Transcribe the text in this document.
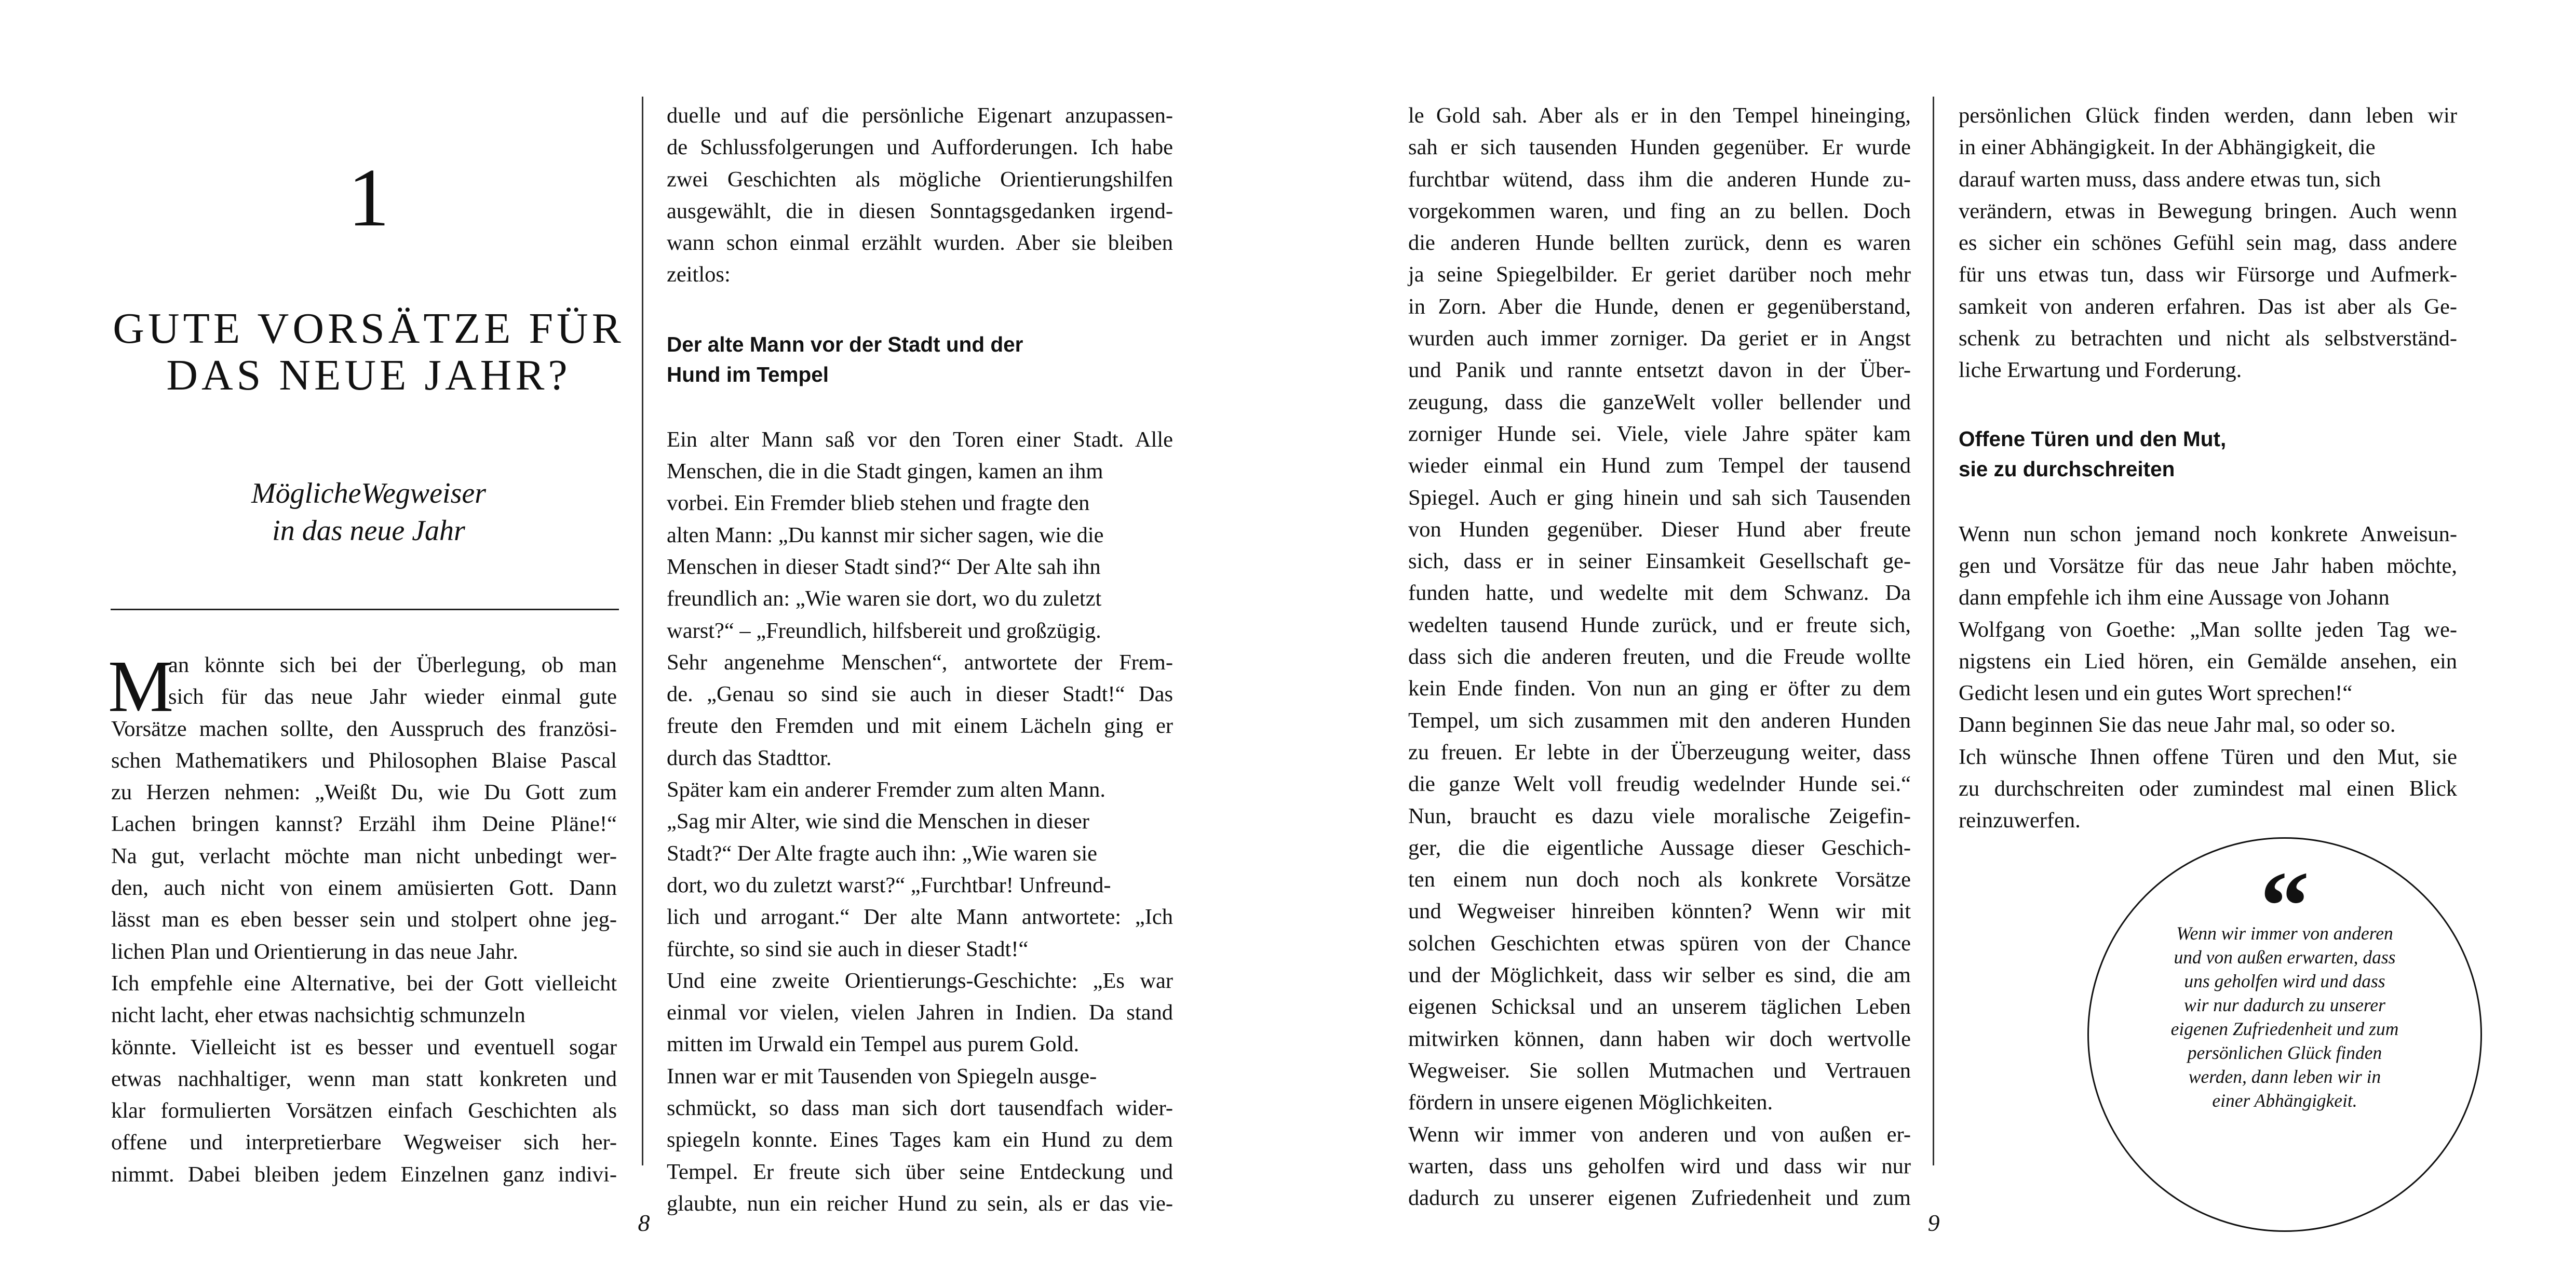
1
GUTE VORSÄTZE FÜR
DAS NEUE JAHR?
MöglicheWegweiser
in das neue Jahr
M
an könnte sich bei der Überlegung, ob man
sich für das neue Jahr wieder einmal gute
Vorsätze machen sollte, den Ausspruch des französi-
schen Mathematikers und Philosophen Blaise Pascal
zu Herzen nehmen: „Weißt Du, wie Du Gott zum
Lachen bringen kannst? Erzähl ihm Deine Pläne!“
Na gut, verlacht möchte man nicht unbedingt wer-
den, auch nicht von einem amüsierten Gott. Dann
lässt man es eben besser sein und stolpert ohne jeg-
lichen Plan und Orientierung in das neue Jahr.
Ich empfehle eine Alternative, bei der Gott vielleicht
nicht lacht, eher etwas nachsichtig schmunzeln
könnte. Vielleicht ist es besser und eventuell sogar
etwas nachhaltiger, wenn man statt konkreten und
klar formulierten Vorsätzen einfach Geschichten als
offene und interpretierbare Wegweiser sich her-
nimmt. Dabei bleiben jedem Einzelnen ganz indivi-
duelle und auf die persönliche Eigenart anzupassen-
de Schlussfolgerungen und Aufforderungen. Ich habe
zwei Geschichten als mögliche Orientierungshilfen
ausgewählt, die in diesen Sonntagsgedanken irgend-
wann schon einmal erzählt wurden. Aber sie bleiben
zeitlos:
Der alte Mann vor der Stadt und der
Hund im Tempel
Ein alter Mann saß vor den Toren einer Stadt. Alle
Menschen, die in die Stadt gingen, kamen an ihm
vorbei. Ein Fremder blieb stehen und fragte den
alten Mann: „Du kannst mir sicher sagen, wie die
Menschen in dieser Stadt sind?“ Der Alte sah ihn
freundlich an: „Wie waren sie dort, wo du zuletzt
warst?“ – „Freundlich, hilfsbereit und großzügig.
Sehr angenehme Menschen“, antwortete der Frem-
de. „Genau so sind sie auch in dieser Stadt!“ Das
freute den Fremden und mit einem Lächeln ging er
durch das Stadttor.
Später kam ein anderer Fremder zum alten Mann.
„Sag mir Alter, wie sind die Menschen in dieser
Stadt?“ Der Alte fragte auch ihn: „Wie waren sie
dort, wo du zuletzt warst?“ „Furchtbar! Unfreund-
lich und arrogant.“ Der alte Mann antwortete: „Ich
fürchte, so sind sie auch in dieser Stadt!“
Und eine zweite Orientierungs-Geschichte: „Es war
einmal vor vielen, vielen Jahren in Indien. Da stand
mitten im Urwald ein Tempel aus purem Gold.
Innen war er mit Tausenden von Spiegeln ausge-
schmückt, so dass man sich dort tausendfach wider-
spiegeln konnte. Eines Tages kam ein Hund zu dem
Tempel. Er freute sich über seine Entdeckung und
glaubte, nun ein reicher Hund zu sein, als er das vie-
8
le Gold sah. Aber als er in den Tempel hineinging,
sah er sich tausenden Hunden gegenüber. Er wurde
furchtbar wütend, dass ihm die anderen Hunde zu-
vorgekommen waren, und fing an zu bellen. Doch
die anderen Hunde bellten zurück, denn es waren
ja seine Spiegelbilder. Er geriet darüber noch mehr
in Zorn. Aber die Hunde, denen er gegenüberstand,
wurden auch immer zorniger. Da geriet er in Angst
und Panik und rannte entsetzt davon in der Über-
zeugung, dass die ganzeWelt voller bellender und
zorniger Hunde sei. Viele, viele Jahre später kam
wieder einmal ein Hund zum Tempel der tausend
Spiegel. Auch er ging hinein und sah sich Tausenden
von Hunden gegenüber. Dieser Hund aber freute
sich, dass er in seiner Einsamkeit Gesellschaft ge-
funden hatte, und wedelte mit dem Schwanz. Da
wedelten tausend Hunde zurück, und er freute sich,
dass sich die anderen freuten, und die Freude wollte
kein Ende finden. Von nun an ging er öfter zu dem
Tempel, um sich zusammen mit den anderen Hunden
zu freuen. Er lebte in der Überzeugung weiter, dass
die ganze Welt voll freudig wedelnder Hunde sei.“
Nun, braucht es dazu viele moralische Zeigefin-
ger, die die eigentliche Aussage dieser Geschich-
ten einem nun doch noch als konkrete Vorsätze
und Wegweiser hinreiben könnten? Wenn wir mit
solchen Geschichten etwas spüren von der Chance
und der Möglichkeit, dass wir selber es sind, die am
eigenen Schicksal und an unserem täglichen Leben
mitwirken können, dann haben wir doch wertvolle
Wegweiser. Sie sollen Mutmachen und Vertrauen
fördern in unsere eigenen Möglichkeiten.
Wenn wir immer von anderen und von außen er-
warten, dass uns geholfen wird und dass wir nur
dadurch zu unserer eigenen Zufriedenheit und zum
persönlichen Glück finden werden, dann leben wir
in einer Abhängigkeit. In der Abhängigkeit, die
darauf warten muss, dass andere etwas tun, sich
verändern, etwas in Bewegung bringen. Auch wenn
es sicher ein schönes Gefühl sein mag, dass andere
für uns etwas tun, dass wir Fürsorge und Aufmerk-
samkeit von anderen erfahren. Das ist aber als Ge-
schenk zu betrachten und nicht als selbstverständ-
liche Erwartung und Forderung.
Offene Türen und den Mut,
sie zu durchschreiten
Wenn nun schon jemand noch konkrete Anweisun-
gen und Vorsätze für das neue Jahr haben möchte,
dann empfehle ich ihm eine Aussage von Johann
Wolfgang von Goethe: „Man sollte jeden Tag we-
nigstens ein Lied hören, ein Gemälde ansehen, ein
Gedicht lesen und ein gutes Wort sprechen!“
Dann beginnen Sie das neue Jahr mal, so oder so.
Ich wünsche Ihnen offene Türen und den Mut, sie
zu durchschreiten oder zumindest mal einen Blick
reinzuwerfen.
“
Wenn wir immer von anderen
und von außen erwarten, dass
uns geholfen wird und dass
wir nur dadurch zu unserer
eigenen Zufriedenheit und zum
persönlichen Glück finden
werden, dann leben wir in
einer Abhängigkeit.
9
